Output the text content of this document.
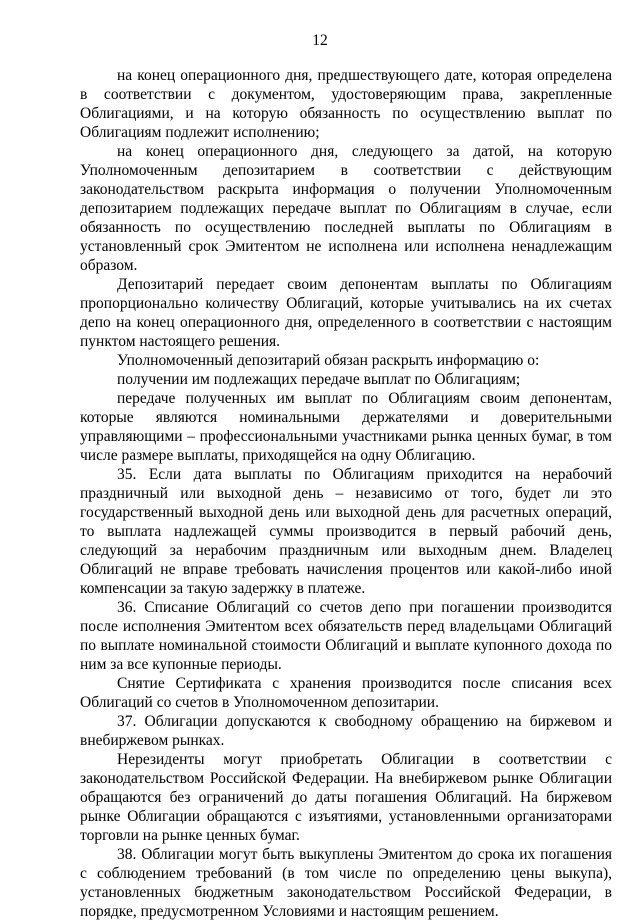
12

на конец операционного дня, предшествующего дате, которая определена в соответствии с документом, удостоверяющим права, закрепленные Облигациями, и на которую обязанность по осуществлению выплат по Облигациям подлежит исполнению;

на конец операционного дня, следующего за датой, на которую Уполномоченным депозитарием в соответствии с действующим законодательством раскрыта информация о получении Уполномоченным депозитарием подлежащих передаче выплат по Облигациям в случае, если обязанность по осуществлению последней выплаты по Облигациям в установленный срок Эмитентом не исполнена или исполнена ненадлежащим образом.

Депозитарий передает своим депонентам выплаты по Облигациям пропорционально количеству Облигаций, которые учитывались на их счетах депо на конец операционного дня, определенного в соответствии с настоящим пунктом настоящего решения.

Уполномоченный депозитарий обязан раскрыть информацию о:

получении им подлежащих передаче выплат по Облигациям;

передаче полученных им выплат по Облигациям своим депонентам, которые являются номинальными держателями и доверительными управляющими – профессиональными участниками рынка ценных бумаг, в том числе размере выплаты, приходящейся на одну Облигацию.

35. Если дата выплаты по Облигациям приходится на нерабочий праздничный или выходной день – независимо от того, будет ли это государственный выходной день или выходной день для расчетных операций, то выплата надлежащей суммы производится в первый рабочий день, следующий за нерабочим праздничным или выходным днем. Владелец Облигаций не вправе требовать начисления процентов или какой-либо иной компенсации за такую задержку в платеже.

36. Списание Облигаций со счетов депо при погашении производится после исполнения Эмитентом всех обязательств перед владельцами Облигаций по выплате номинальной стоимости Облигаций и выплате купонного дохода по ним за все купонные периоды.

Снятие Сертификата с хранения производится после списания всех Облигаций со счетов в Уполномоченном депозитарии.

37. Облигации допускаются к свободному обращению на биржевом и внебиржевом рынках.

Нерезиденты могут приобретать Облигации в соответствии с законодательством Российской Федерации. На внебиржевом рынке Облигации обращаются без ограничений до даты погашения Облигаций. На биржевом рынке Облигации обращаются с изъятиями, установленными организаторами торговли на рынке ценных бумаг.

38. Облигации могут быть выкуплены Эмитентом до срока их погашения с соблюдением требований (в том числе по определению цены выкупа), установленных бюджетным законодательством Российской Федерации, в порядке, предусмотренном Условиями и настоящим решением.
